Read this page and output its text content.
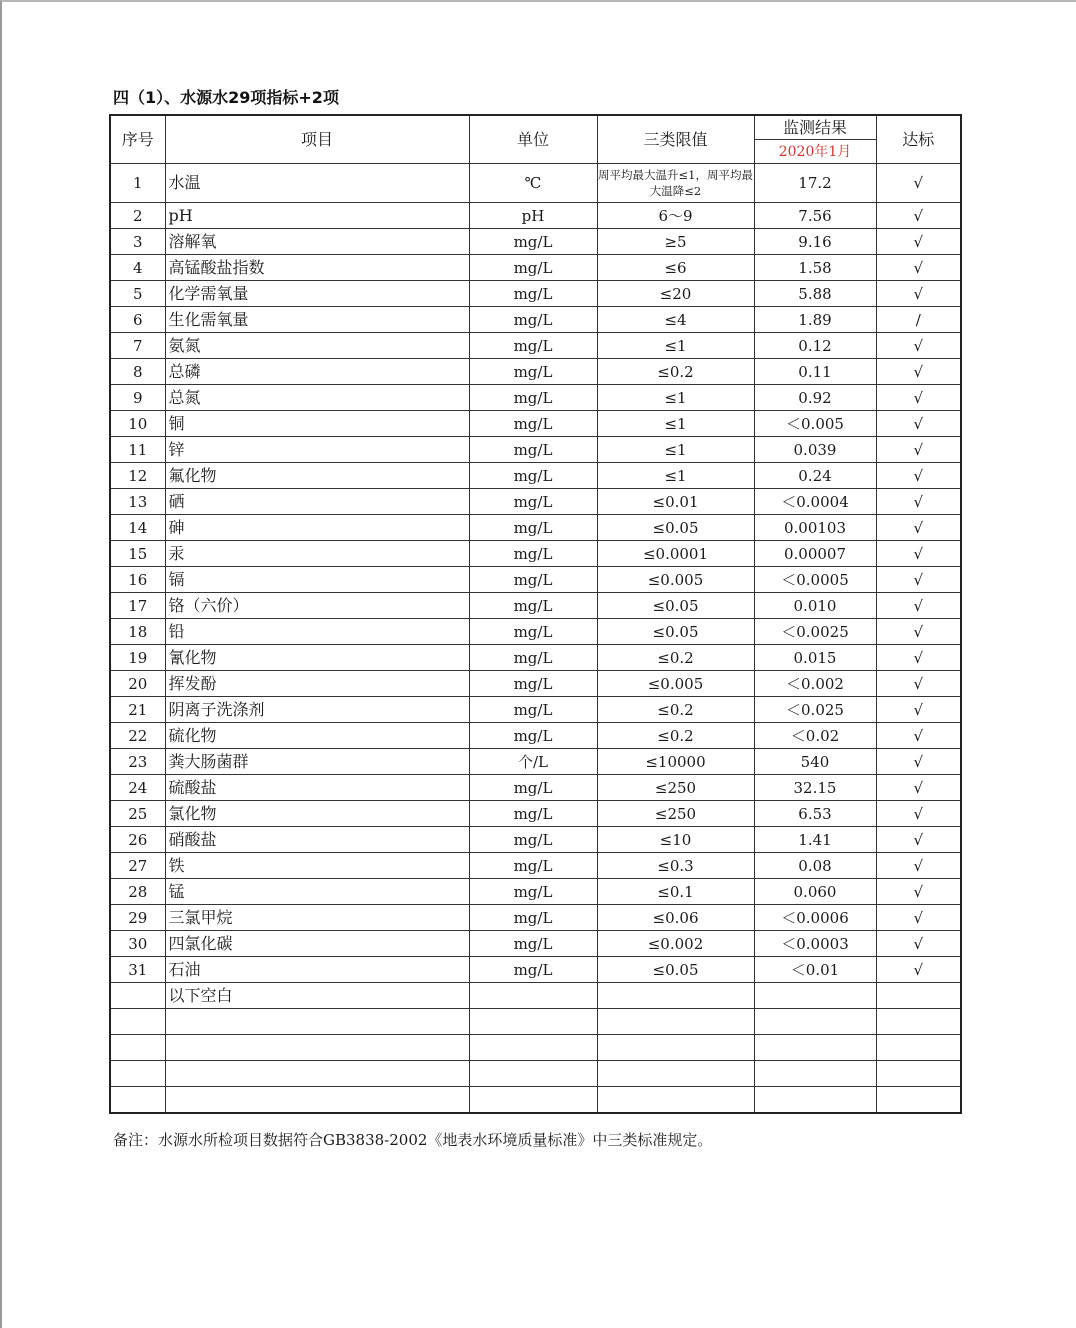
四（1）、水源水29项指标+2项
序号	项目	单位	三类限值	监测结果	达标
				2020年1月	
1	水温	℃	周平均最大温升≤1，周平均最大温降≤2	17.2	√
2	pH	pH	6～9	7.56	√
3	溶解氧	mg/L	≥5	9.16	√
4	高锰酸盐指数	mg/L	≤6	1.58	√
5	化学需氧量	mg/L	≤20	5.88	√
6	生化需氧量	mg/L	≤4	1.89	/
7	氨氮	mg/L	≤1	0.12	√
8	总磷	mg/L	≤0.2	0.11	√
9	总氮	mg/L	≤1	0.92	√
10	铜	mg/L	≤1	＜0.005	√
11	锌	mg/L	≤1	0.039	√
12	氟化物	mg/L	≤1	0.24	√
13	硒	mg/L	≤0.01	＜0.0004	√
14	砷	mg/L	≤0.05	0.00103	√
15	汞	mg/L	≤0.0001	0.00007	√
16	镉	mg/L	≤0.005	＜0.0005	√
17	铬（六价）	mg/L	≤0.05	0.010	√
18	铅	mg/L	≤0.05	＜0.0025	√
19	氰化物	mg/L	≤0.2	0.015	√
20	挥发酚	mg/L	≤0.005	＜0.002	√
21	阴离子洗涤剂	mg/L	≤0.2	＜0.025	√
22	硫化物	mg/L	≤0.2	＜0.02	√
23	粪大肠菌群	个/L	≤10000	540	√
24	硫酸盐	mg/L	≤250	32.15	√
25	氯化物	mg/L	≤250	6.53	√
26	硝酸盐	mg/L	≤10	1.41	√
27	铁	mg/L	≤0.3	0.08	√
28	锰	mg/L	≤0.1	0.060	√
29	三氯甲烷	mg/L	≤0.06	＜0.0006	√
30	四氯化碳	mg/L	≤0.002	＜0.0003	√
31	石油	mg/L	≤0.05	＜0.01	√
	以下空白				

备注：水源水所检项目数据符合GB3838-2002《地表水环境质量标准》中三类标准规定。
